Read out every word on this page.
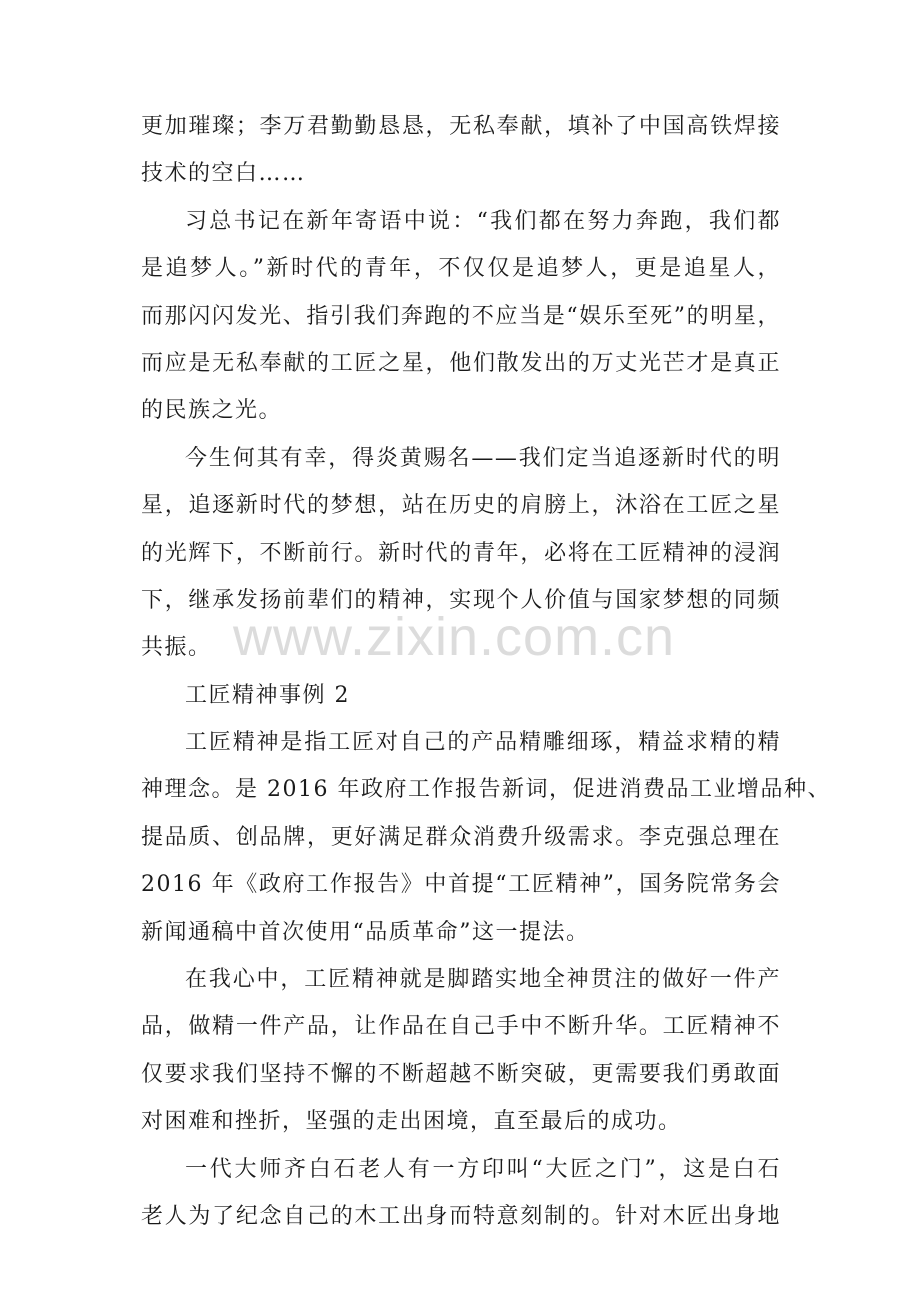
www.zixin.com.cn
更加璀璨；李万君勤勤恳恳，无私奉献，填补了中国高铁焊接
技术的空白……
习总书记在新年寄语中说：“我们都在努力奔跑，我们都
是追梦人。”新时代的青年，不仅仅是追梦人，更是追星人，
而那闪闪发光、指引我们奔跑的不应当是“娱乐至死”的明星，
而应是无私奉献的工匠之星，他们散发出的万丈光芒才是真正
的民族之光。
今生何其有幸，得炎黄赐名——我们定当追逐新时代的明
星，追逐新时代的梦想，站在历史的肩膀上，沐浴在工匠之星
的光辉下，不断前行。新时代的青年，必将在工匠精神的浸润
下，继承发扬前辈们的精神，实现个人价值与国家梦想的同频
共振。
工匠精神事例 2
工匠精神是指工匠对自己的产品精雕细琢，精益求精的精
神理念。是 2016 年政府工作报告新词，促进消费品工业增品种、
提品质、创品牌，更好满足群众消费升级需求。李克强总理在
2016 年《政府工作报告》中首提“工匠精神”，国务院常务会
新闻通稿中首次使用“品质革命”这一提法。
在我心中，工匠精神就是脚踏实地全神贯注的做好一件产
品，做精一件产品，让作品在自己手中不断升华。工匠精神不
仅要求我们坚持不懈的不断超越不断突破，更需要我们勇敢面
对困难和挫折，坚强的走出困境，直至最后的成功。
一代大师齐白石老人有一方印叫“大匠之门”，这是白石
老人为了纪念自己的木工出身而特意刻制的。针对木匠出身地
